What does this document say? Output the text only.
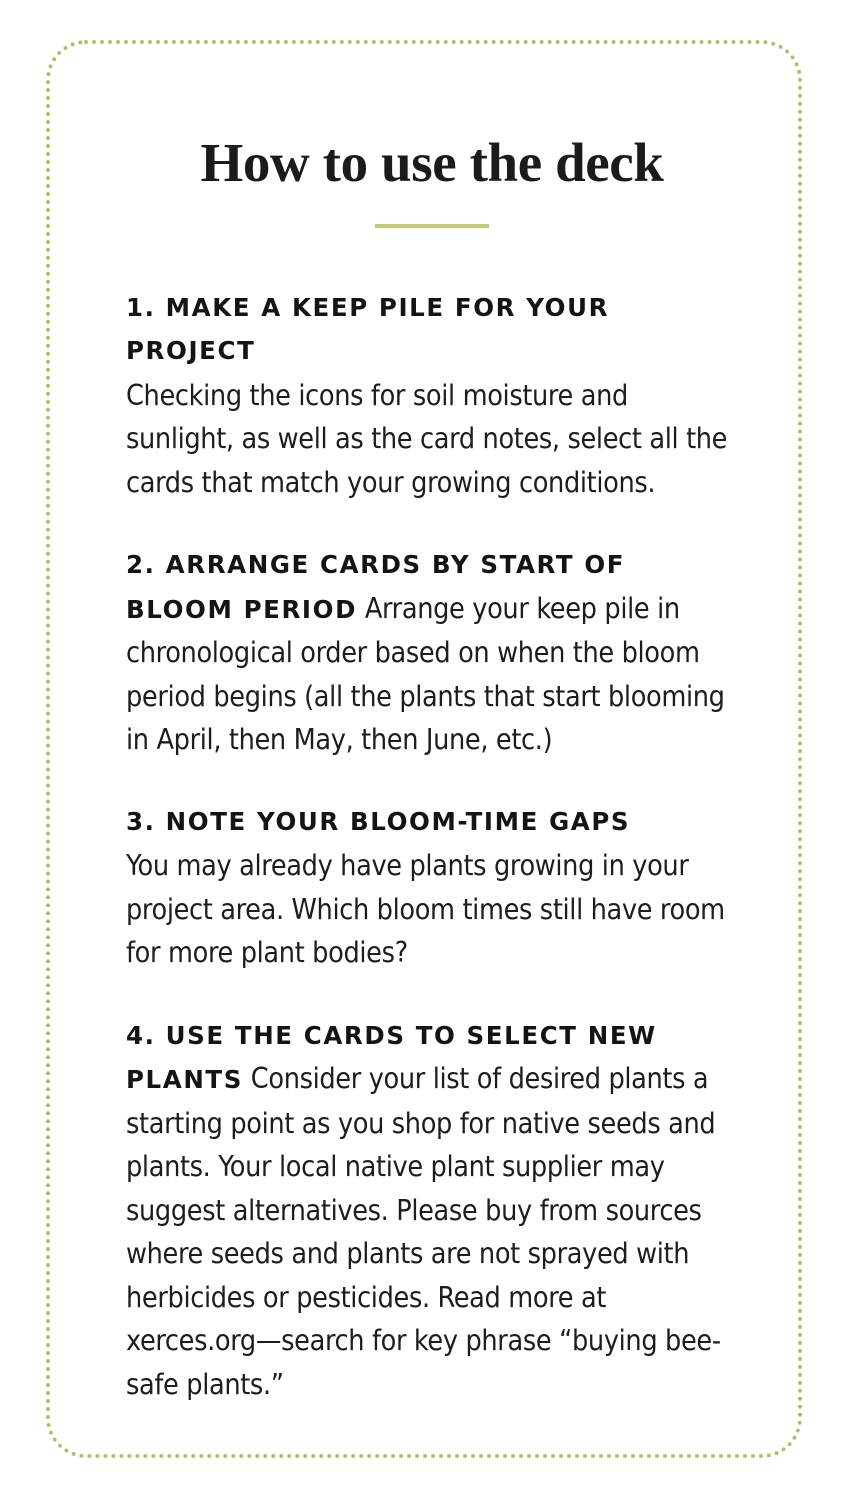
How to use the deck

1. MAKE A KEEP PILE FOR YOUR PROJECT
Checking the icons for soil moisture and sunlight, as well as the card notes, select all the cards that match your growing conditions.

2. ARRANGE CARDS BY START OF BLOOM PERIOD Arrange your keep pile in chronological order based on when the bloom period begins (all the plants that start blooming in April, then May, then June, etc.)

3. NOTE YOUR BLOOM-TIME GAPS
You may already have plants growing in your project area. Which bloom times still have room for more plant bodies?

4. USE THE CARDS TO SELECT NEW PLANTS Consider your list of desired plants a starting point as you shop for native seeds and plants. Your local native plant supplier may suggest alternatives. Please buy from sources where seeds and plants are not sprayed with herbicides or pesticides. Read more at xerces.org—search for key phrase “buying bee-safe plants.”
